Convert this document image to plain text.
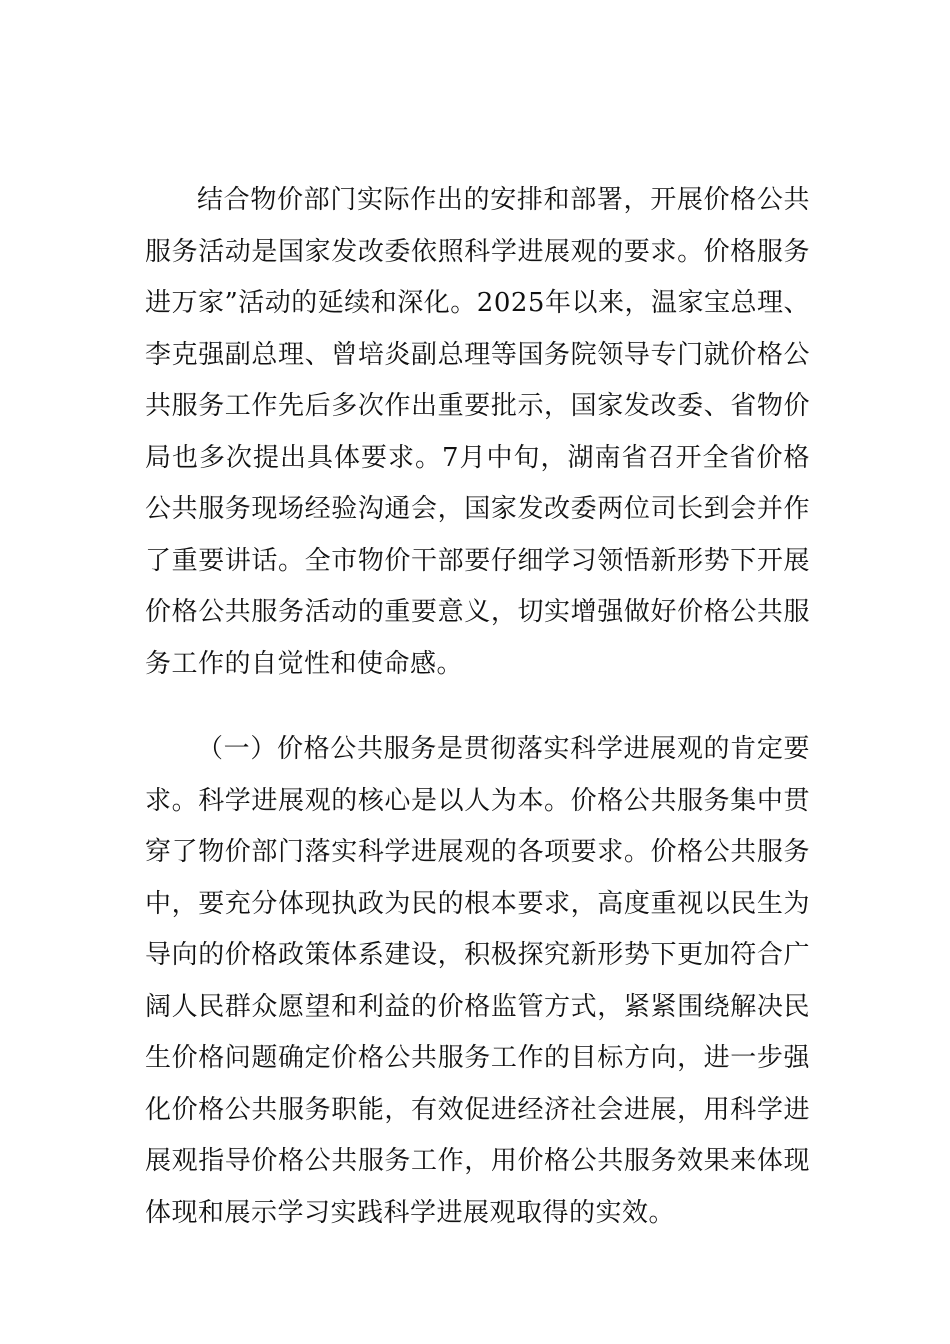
结合物价部门实际作出的安排和部署，开展价格公共服务活动是国家发改委依照科学进展观的要求。价格服务进万家”活动的延续和深化。2025年以来，温家宝总理、李克强副总理、曾培炎副总理等国务院领导专门就价格公共服务工作先后多次作出重要批示，国家发改委、省物价局也多次提出具体要求。7月中旬，湖南省召开全省价格公共服务现场经验沟通会，国家发改委两位司长到会并作了重要讲话。全市物价干部要仔细学习领悟新形势下开展价格公共服务活动的重要意义，切实增强做好价格公共服务工作的自觉性和使命感。

（一）价格公共服务是贯彻落实科学进展观的肯定要求。科学进展观的核心是以人为本。价格公共服务集中贯穿了物价部门落实科学进展观的各项要求。价格公共服务中，要充分体现执政为民的根本要求，高度重视以民生为导向的价格政策体系建设，积极探究新形势下更加符合广阔人民群众愿望和利益的价格监管方式，紧紧围绕解决民生价格问题确定价格公共服务工作的目标方向，进一步强化价格公共服务职能，有效促进经济社会进展，用科学进展观指导价格公共服务工作，用价格公共服务效果来体现体现和展示学习实践科学进展观取得的实效。
